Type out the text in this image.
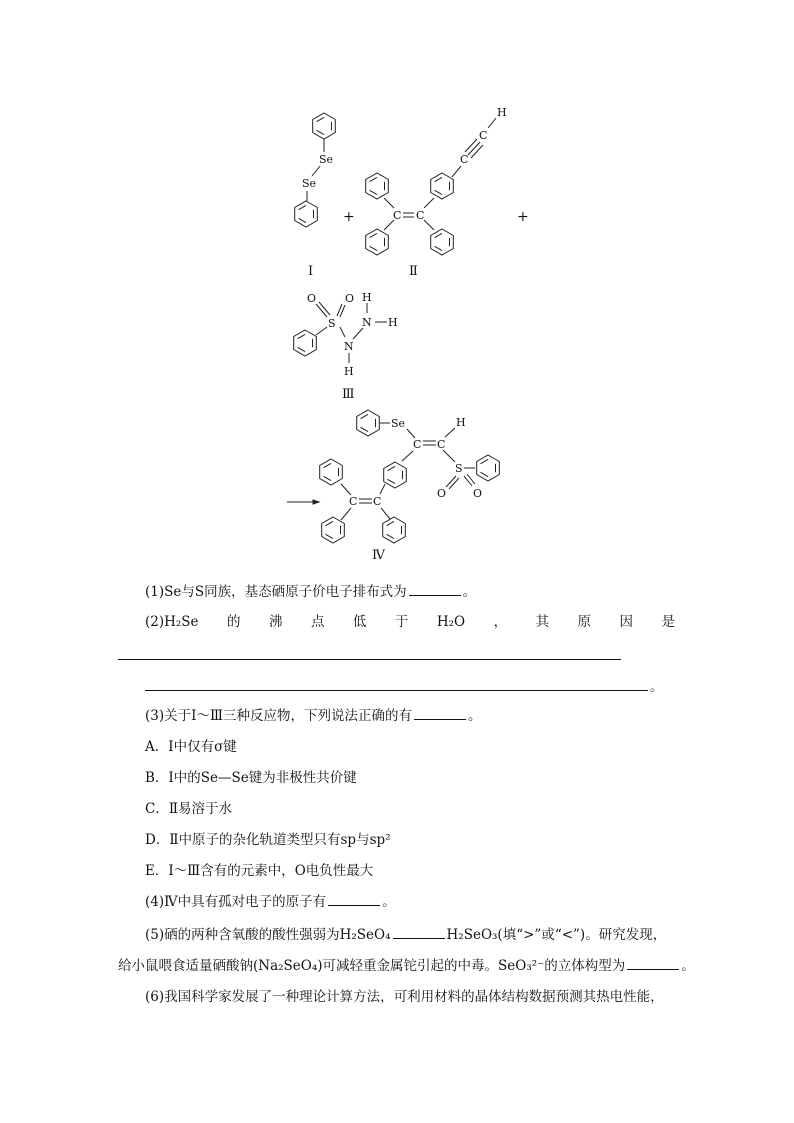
Se
Se
Ⅰ
+	C C
C
C
H
Ⅱ
+
O	O
S
N
H
N
H
H
Ⅲ
Se
C C
H
S
O O
C
C
Ⅳ
(1)Se与S同族，基态硒原子价电子排布式为	。
(2)H₂Se 的 沸 点 低 于 H₂O ， 其 原 因 是
。
(3)关于Ⅰ～Ⅲ三种反应物，下列说法正确的有	。
A．Ⅰ中仅有σ键
B．Ⅰ中的Se—Se键为非极性共价键
C．Ⅱ易溶于水
D．Ⅱ中原子的杂化轨道类型只有sp与sp²
E．Ⅰ～Ⅲ含有的元素中，O电负性最大
(4)Ⅳ中具有孤对电子的原子有	。
(5)硒的两种含氧酸的酸性强弱为H₂SeO₄	H₂SeO₃(填“>”或“<”)。研究发现，
给小鼠喂食适量硒酸钠(Na₂SeO₄)可减轻重金属铊引起的中毒。SeO₃²⁻的立体构型为	。
(6)我国科学家发展了一种理论计算方法，可利用材料的晶体结构数据预测其热电性能，
